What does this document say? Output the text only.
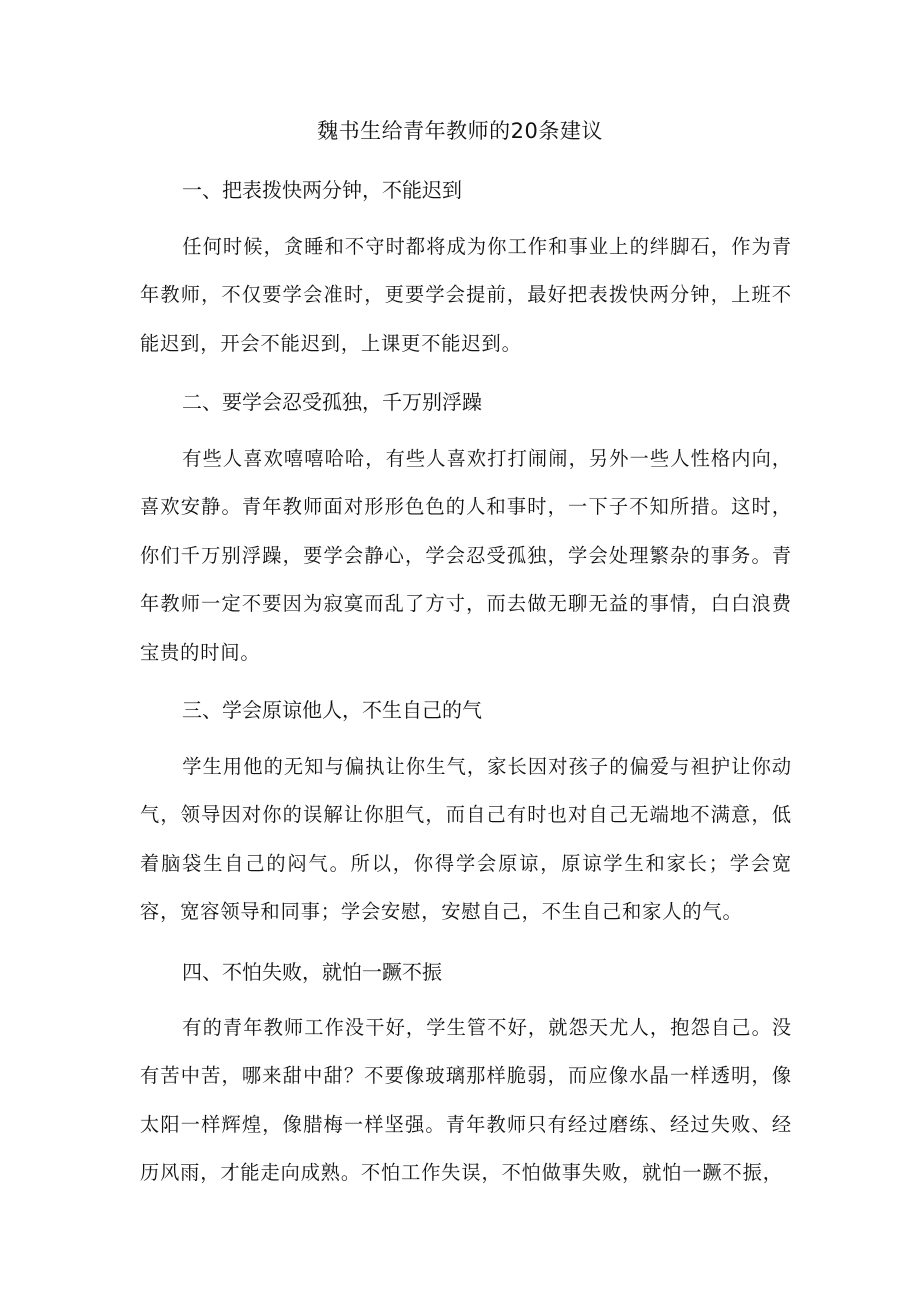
魏书生给青年教师的20条建议
一、把表拨快两分钟，不能迟到

任何时候，贪睡和不守时都将成为你工作和事业上的绊脚石，作为青年教师，不仅要学会准时，更要学会提前，最好把表拨快两分钟，上班不能迟到，开会不能迟到，上课更不能迟到。

二、要学会忍受孤独，千万别浮躁

有些人喜欢嘻嘻哈哈，有些人喜欢打打闹闹，另外一些人性格内向，喜欢安静。青年教师面对形形色色的人和事时，一下子不知所措。这时，你们千万别浮躁，要学会静心，学会忍受孤独，学会处理繁杂的事务。青年教师一定不要因为寂寞而乱了方寸，而去做无聊无益的事情，白白浪费宝贵的时间。

三、学会原谅他人，不生自己的气

学生用他的无知与偏执让你生气，家长因对孩子的偏爱与袒护让你动气，领导因对你的误解让你胆气，而自己有时也对自己无端地不满意，低着脑袋生自己的闷气。所以，你得学会原谅，原谅学生和家长；学会宽容，宽容领导和同事；学会安慰，安慰自己，不生自己和家人的气。

四、不怕失败，就怕一蹶不振

有的青年教师工作没干好，学生管不好，就怨天尤人，抱怨自己。没有苦中苦，哪来甜中甜？不要像玻璃那样脆弱，而应像水晶一样透明，像太阳一样辉煌，像腊梅一样坚强。青年教师只有经过磨练、经过失败、经历风雨，才能走向成熟。不怕工作失误，不怕做事失败，就怕一蹶不振，
